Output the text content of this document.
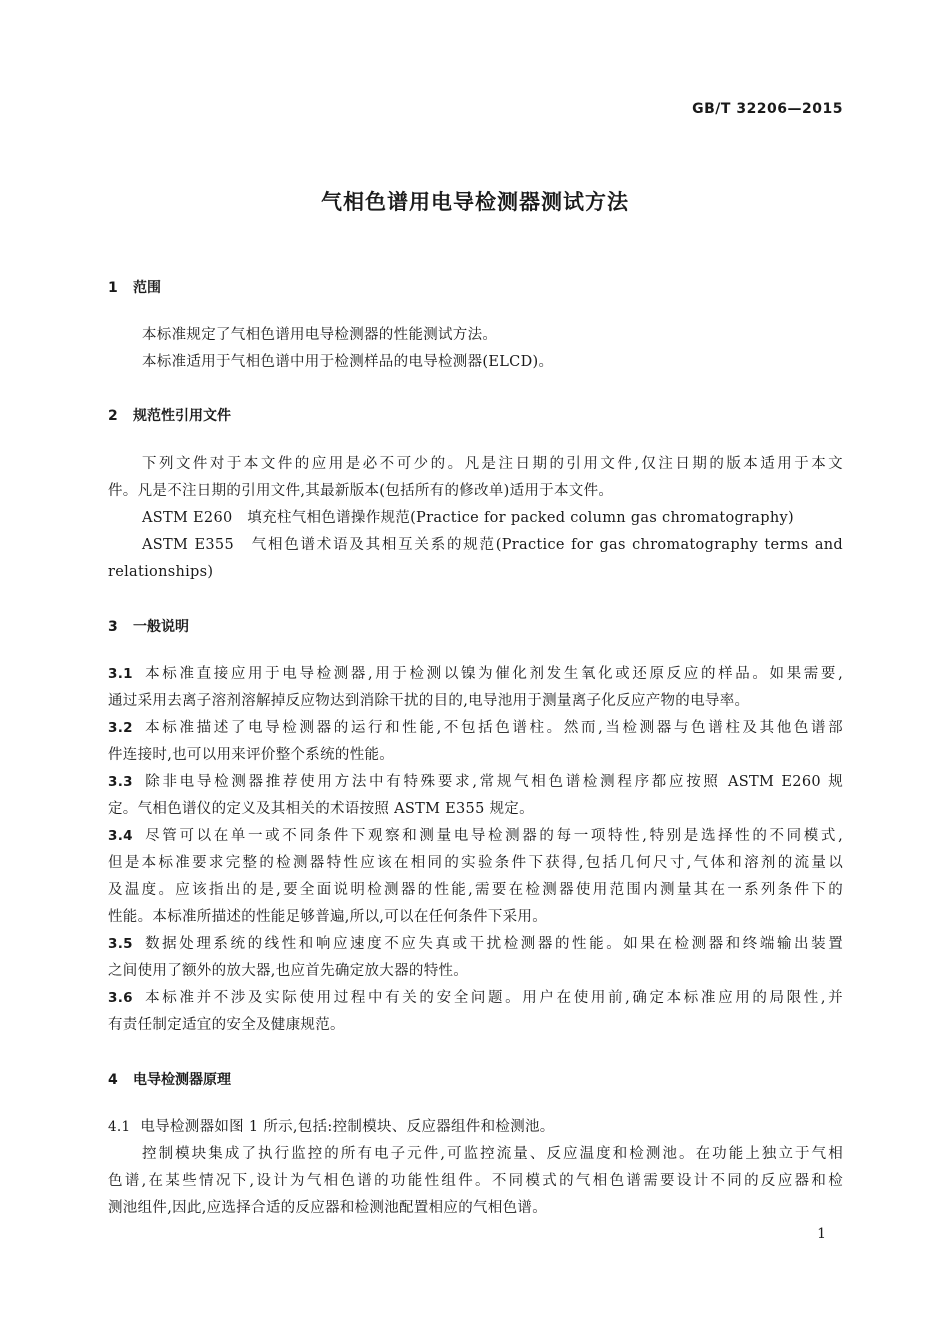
GB/T 32206—2015
气相色谱用电导检测器测试方法
1 范围
本标准规定了气相色谱用电导检测器的性能测试方法。
本标准适用于气相色谱中用于检测样品的电导检测器(ELCD)。
2 规范性引用文件
下列文件对于本文件的应用是必不可少的。凡是注日期的引用文件,仅注日期的版本适用于本文
件。凡是不注日期的引用文件,其最新版本(包括所有的修改单)适用于本文件。
ASTM E260　填充柱气相色谱操作规范(Practice for packed column gas chromatography)
ASTM E355　气相色谱术语及其相互关系的规范(Practice for gas chromatography terms and
relationships)
3 一般说明
3.1 本标准直接应用于电导检测器,用于检测以镍为催化剂发生氧化或还原反应的样品。如果需要,
通过采用去离子溶剂溶解掉反应物达到消除干扰的目的,电导池用于测量离子化反应产物的电导率。
3.2 本标准描述了电导检测器的运行和性能,不包括色谱柱。然而,当检测器与色谱柱及其他色谱部
件连接时,也可以用来评价整个系统的性能。
3.3 除非电导检测器推荐使用方法中有特殊要求,常规气相色谱检测程序都应按照 ASTM E260 规
定。气相色谱仪的定义及其相关的术语按照 ASTM E355 规定。
3.4 尽管可以在单一或不同条件下观察和测量电导检测器的每一项特性,特别是选择性的不同模式,
但是本标准要求完整的检测器特性应该在相同的实验条件下获得,包括几何尺寸,气体和溶剂的流量以
及温度。应该指出的是,要全面说明检测器的性能,需要在检测器使用范围内测量其在一系列条件下的
性能。本标准所描述的性能足够普遍,所以,可以在任何条件下采用。
3.5 数据处理系统的线性和响应速度不应失真或干扰检测器的性能。如果在检测器和终端输出装置
之间使用了额外的放大器,也应首先确定放大器的特性。
3.6 本标准并不涉及实际使用过程中有关的安全问题。用户在使用前,确定本标准应用的局限性,并
有责任制定适宜的安全及健康规范。
4 电导检测器原理
4.1 电导检测器如图 1 所示,包括:控制模块、反应器组件和检测池。
控制模块集成了执行监控的所有电子元件,可监控流量、反应温度和检测池。在功能上独立于气相
色谱,在某些情况下,设计为气相色谱的功能性组件。不同模式的气相色谱需要设计不同的反应器和检
测池组件,因此,应选择合适的反应器和检测池配置相应的气相色谱。
1
